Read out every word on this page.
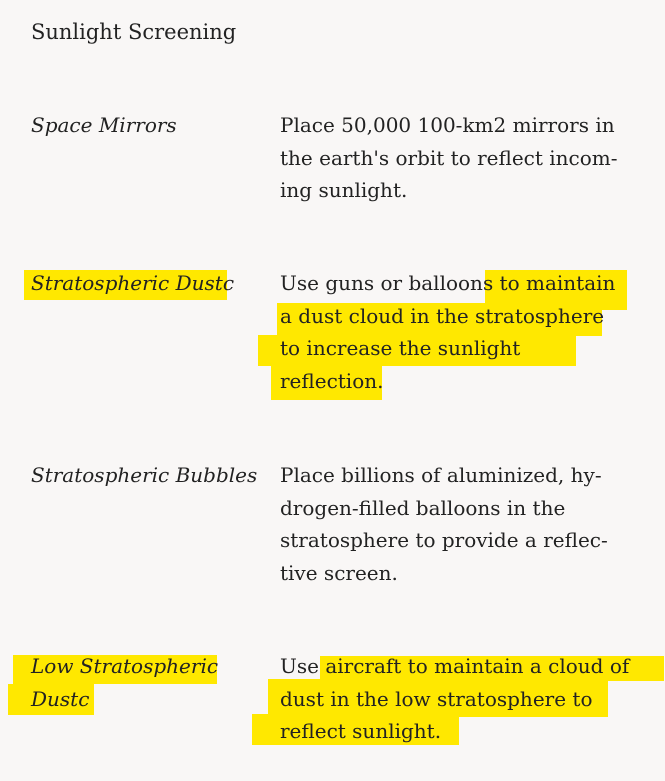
Sunlight Screening
Space Mirrors	Place 50,000 100-km2 mirrors in
the earth's orbit to reflect incom-
ing sunlight.
Stratospheric Dustc	Use guns or balloons to maintain
a dust cloud in the stratosphere
to increase the sunlight
reflection.
Stratospheric Bubbles Place billions of aluminized, hy-
drogen-filled balloons in the
stratosphere to provide a reflec-
tive screen.
Low Stratospheric
Dustc
Use aircraft to maintain a cloud of
dust in the low stratosphere to
reflect sunlight.
